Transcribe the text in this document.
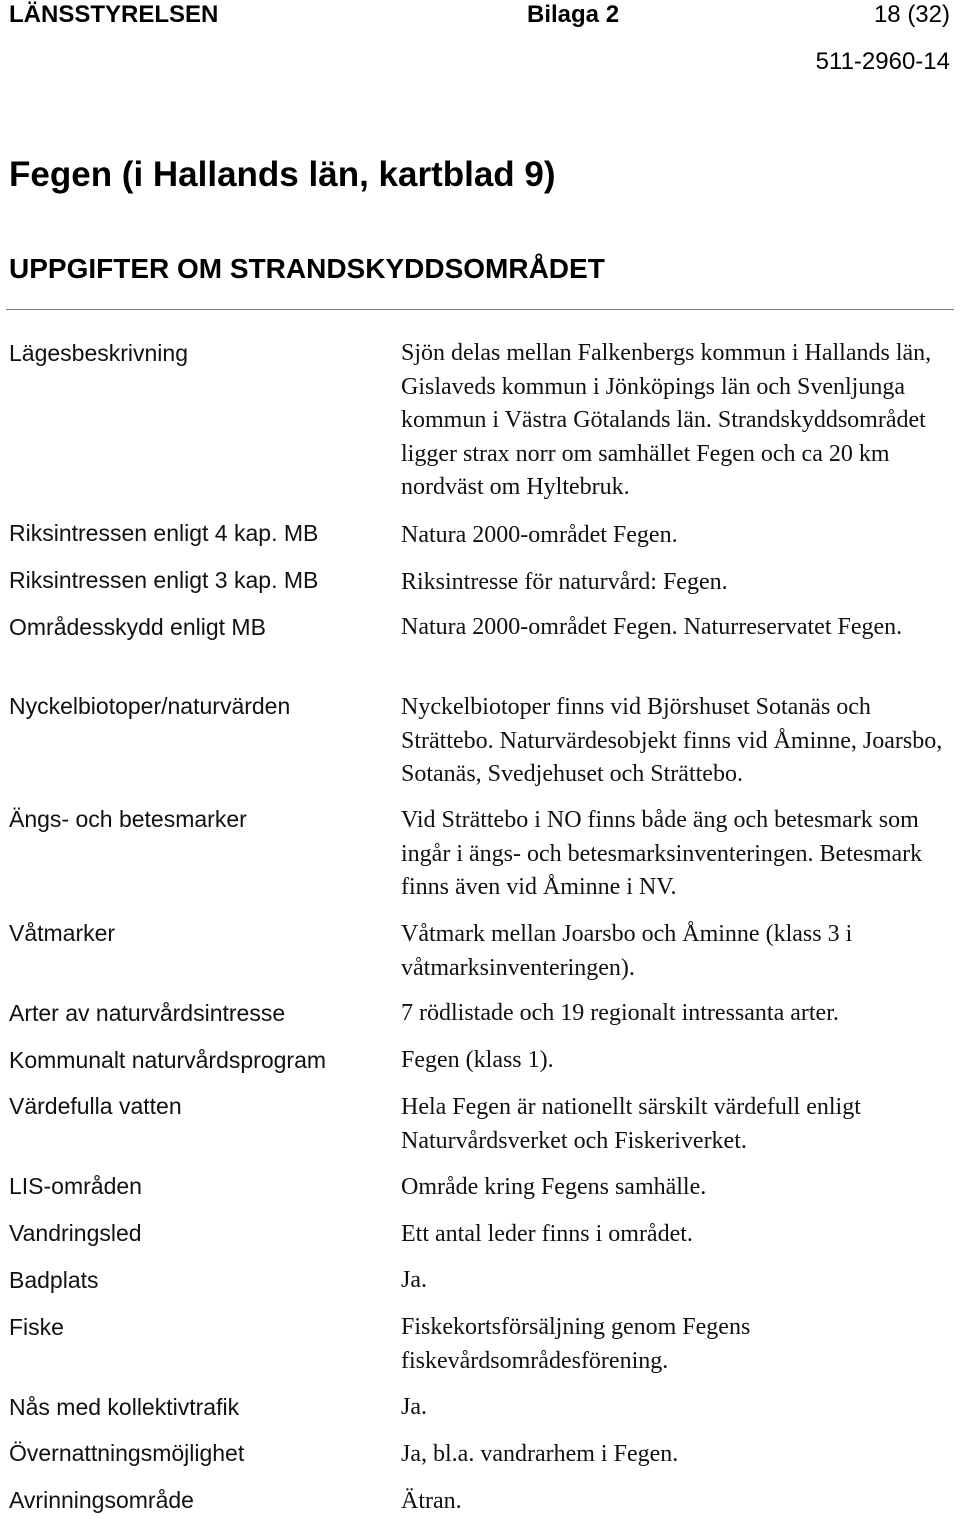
LÄNSSTYRELSEN	Bilaga 2	18 (32)
511-2960-14
Fegen (i Hallands län, kartblad 9)
UPPGIFTER OM STRANDSKYDDSOMRÅDET
Lägesbeskrivning	Sjön delas mellan Falkenbergs kommun i Hallands län, Gislaveds kommun i Jönköpings län och Svenljunga kommun i Västra Götalands län. Strandskyddsområdet ligger strax norr om samhället Fegen och ca 20 km nordväst om Hyltebruk.
Riksintressen enligt 4 kap. MB	Natura 2000-området Fegen.
Riksintressen enligt 3 kap. MB	Riksintresse för naturvård: Fegen.
Områdesskydd enligt MB	Natura 2000-området Fegen. Naturreservatet Fegen.
Nyckelbiotoper/naturvärden	Nyckelbiotoper finns vid Björshuset Sotanäs och Strättebo. Naturvärdesobjekt finns vid Åminne, Joarsbo, Sotanäs, Svedjehuset och Strättebo.
Ängs- och betesmarker	Vid Strättebo i NO finns både äng och betesmark som ingår i ängs- och betesmarksinventeringen. Betesmark finns även vid Åminne i NV.
Våtmarker	Våtmark mellan Joarsbo och Åminne (klass 3 i våtmarksinventeringen).
Arter av naturvårdsintresse	7 rödlistade och 19 regionalt intressanta arter.
Kommunalt naturvårdsprogram	Fegen (klass 1).
Värdefulla vatten	Hela Fegen är nationellt särskilt värdefull enligt Naturvårdsverket och Fiskeriverket.
LIS-områden	Område kring Fegens samhälle.
Vandringsled	Ett antal leder finns i området.
Badplats	Ja.
Fiske	Fiskekortsförsäljning genom Fegens fiskevårdsområdesförening.
Nås med kollektivtrafik	Ja.
Övernattningsmöjlighet	Ja, bl.a. vandrarhem i Fegen.
Avrinningsområde	Ätran.
